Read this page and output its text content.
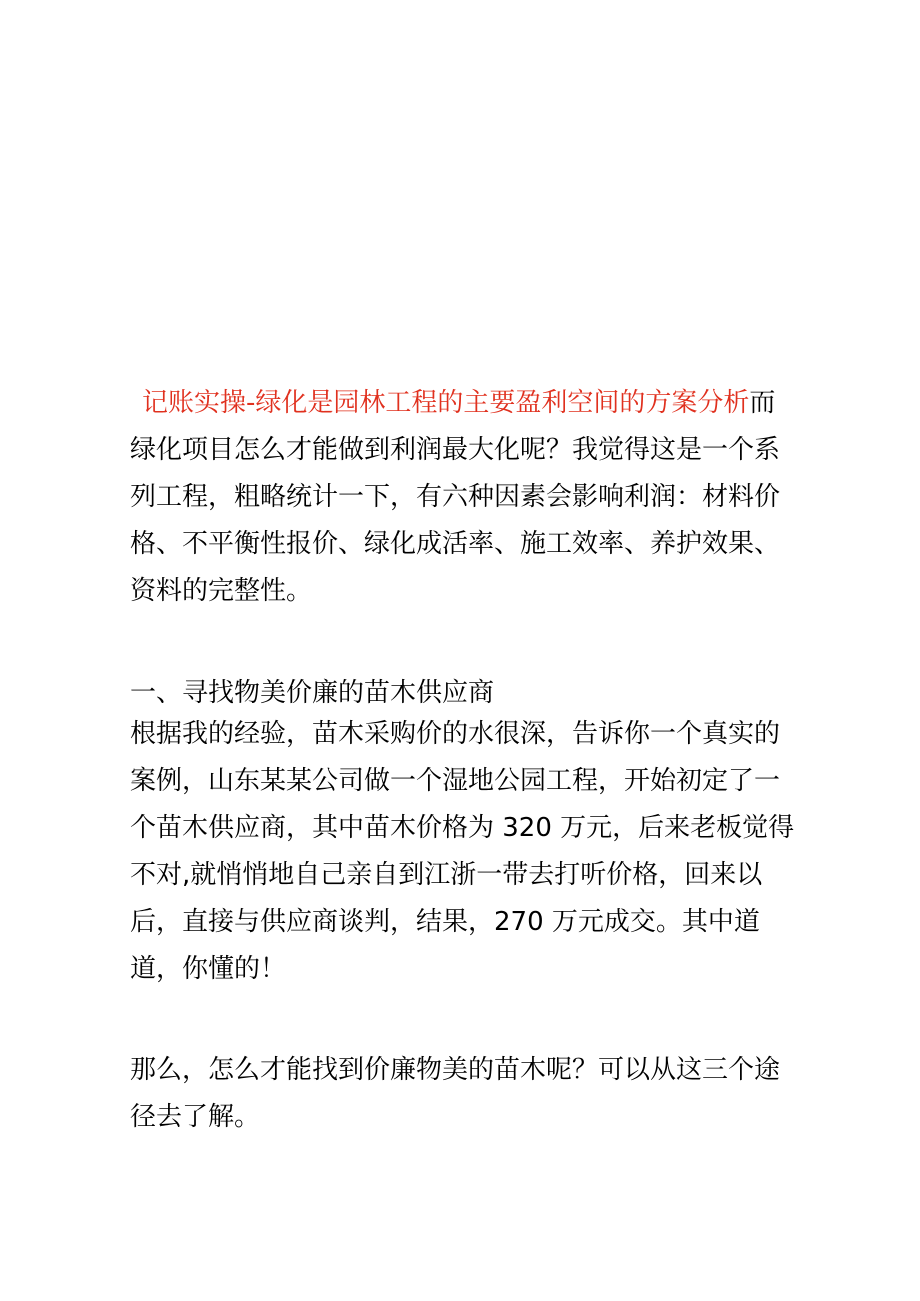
记账实操-绿化是园林工程的主要盈利空间的方案分析而绿化项目怎么才能做到利润最大化呢？我觉得这是一个系列工程，粗略统计一下，有六种因素会影响利润：材料价格、不平衡性报价、绿化成活率、施工效率、养护效果、资料的完整性。

一、寻找物美价廉的苗木供应商

根据我的经验，苗木采购价的水很深，告诉你一个真实的案例，山东某某公司做一个湿地公园工程，开始初定了一个苗木供应商，其中苗木价格为 320 万元，后来老板觉得不对,就悄悄地自己亲自到江浙一带去打听价格，回来以后，直接与供应商谈判，结果，270 万元成交。其中道道，你懂的！

那么，怎么才能找到价廉物美的苗木呢？可以从这三个途径去了解。
